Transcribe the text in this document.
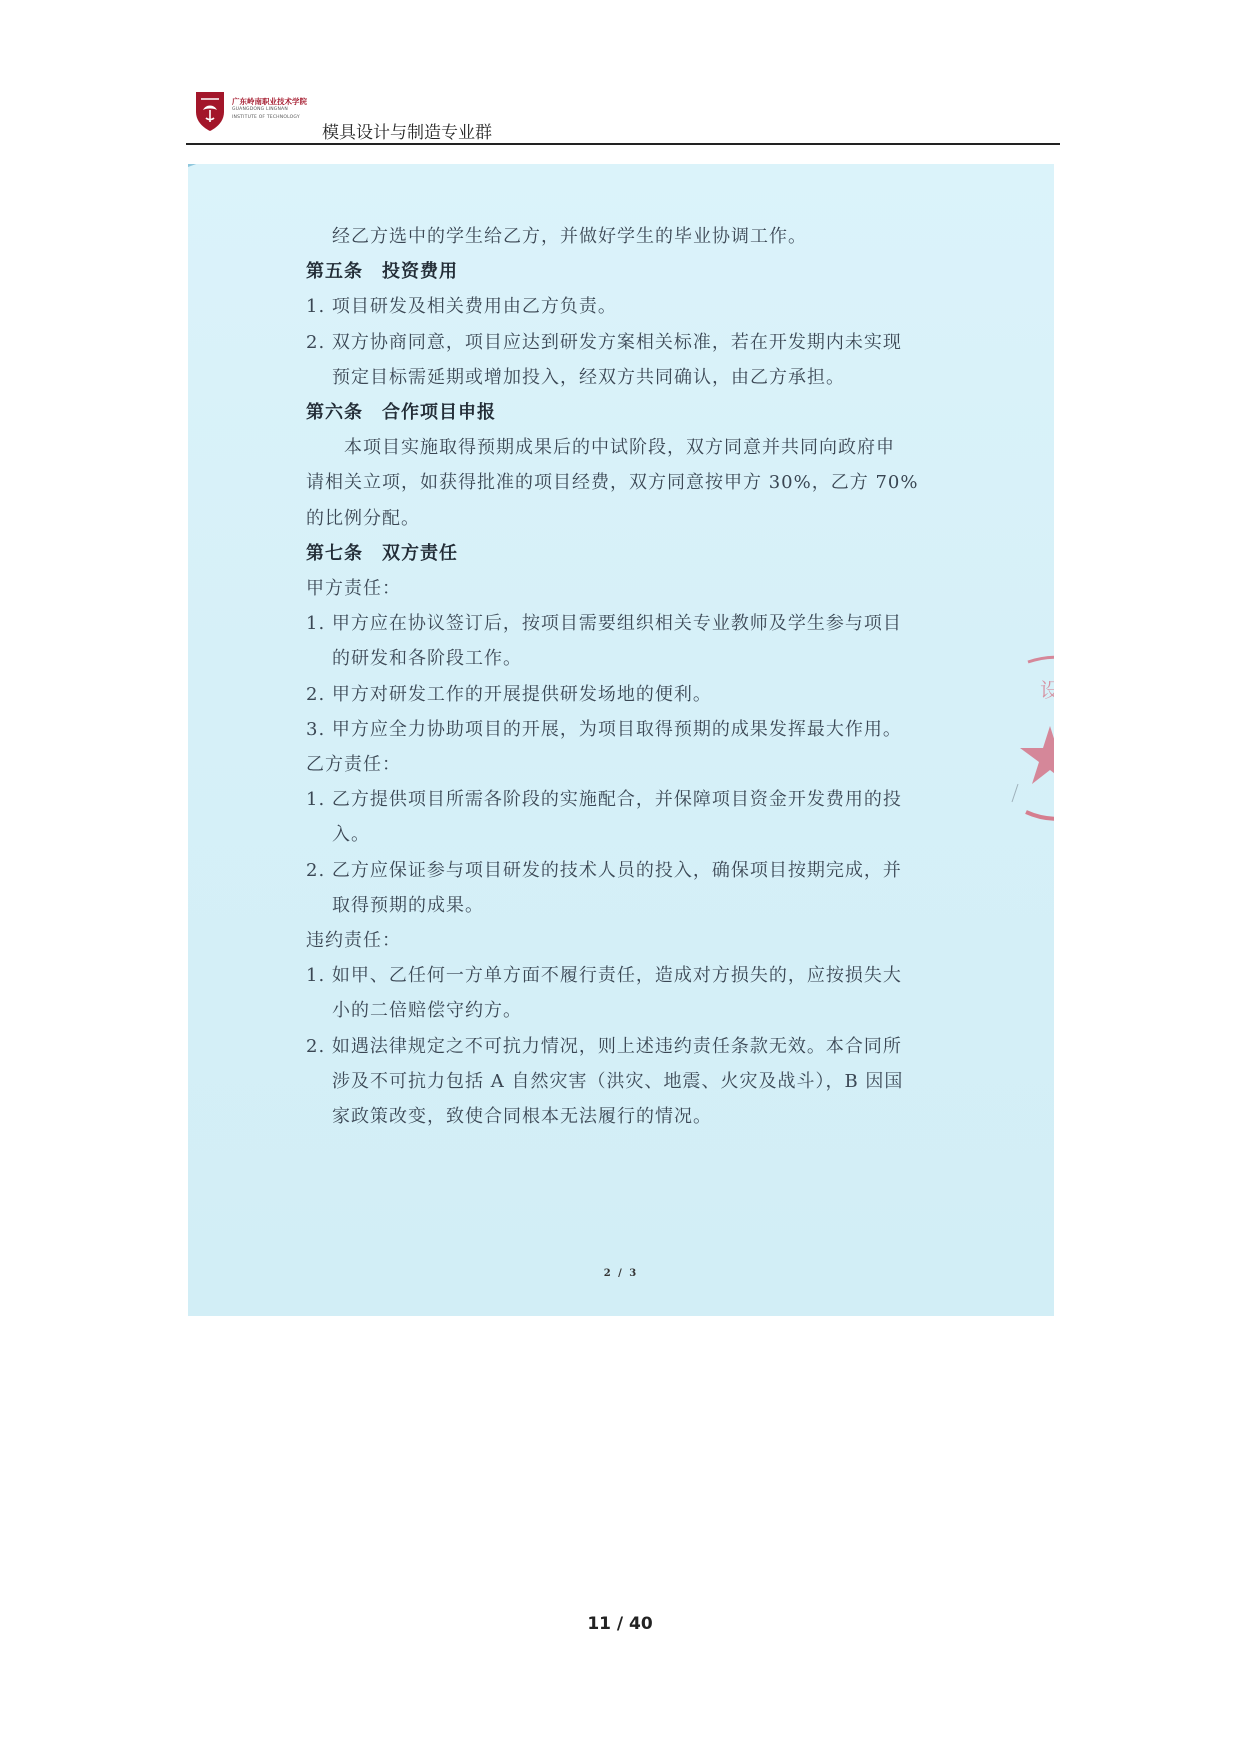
广东岭南职业技术学院
GUANGDONG LINGNAN
INSTITUTE OF TECHNOLOGY
模具设计与制造专业群
经乙方选中的学生给乙方，并做好学生的毕业协调工作。
第五条　投资费用
1. 项目研发及相关费用由乙方负责。
2. 双方协商同意，项目应达到研发方案相关标准，若在开发期内未实现
预定目标需延期或增加投入，经双方共同确认，由乙方承担。
第六条　合作项目申报
本项目实施取得预期成果后的中试阶段，双方同意并共同向政府申
请相关立项，如获得批准的项目经费，双方同意按甲方 30%，乙方 70%
的比例分配。
第七条　双方责任
甲方责任：
1. 甲方应在协议签订后，按项目需要组织相关专业教师及学生参与项目
的研发和各阶段工作。
2. 甲方对研发工作的开展提供研发场地的便利。
3. 甲方应全力协助项目的开展，为项目取得预期的成果发挥最大作用。
乙方责任：
1. 乙方提供项目所需各阶段的实施配合，并保障项目资金开发费用的投
入。
2. 乙方应保证参与项目研发的技术人员的投入，确保项目按期完成，并
取得预期的成果。
违约责任：
1. 如甲、乙任何一方单方面不履行责任，造成对方损失的，应按损失大
小的二倍赔偿守约方。
2. 如遇法律规定之不可抗力情况，则上述违约责任条款无效。本合同所
涉及不可抗力包括 A 自然灾害（洪灾、地震、火灾及战斗），B 因国
家政策改变，致使合同根本无法履行的情况。
设 备
2 / 3
11 / 40
